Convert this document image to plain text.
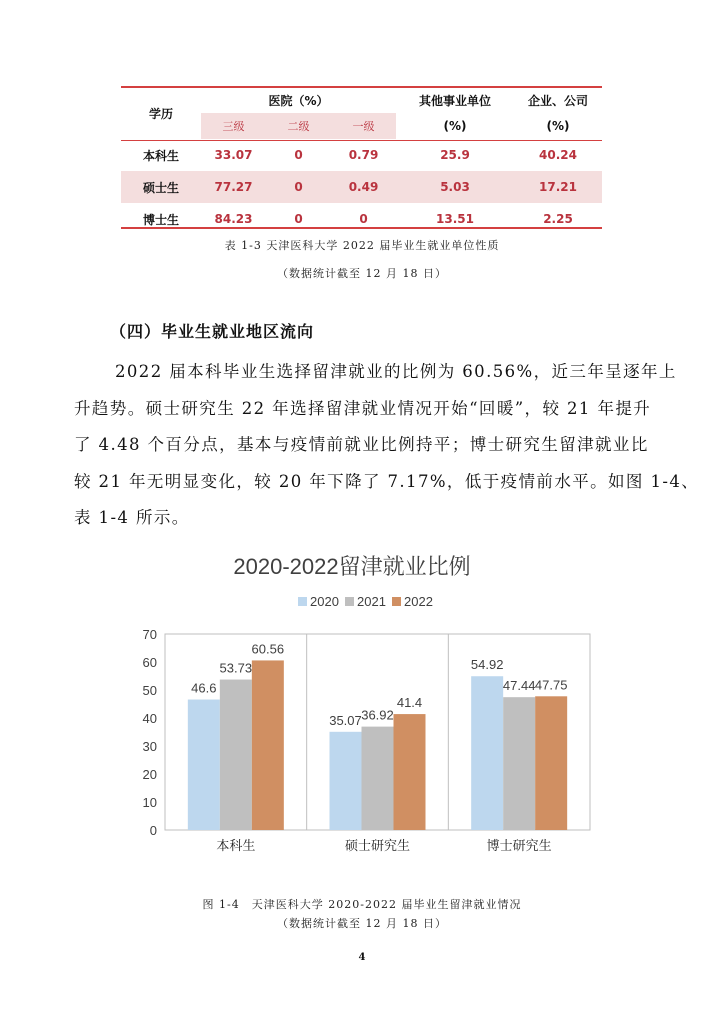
学历	医院（%）			其他事业单位	企业、公司
	三级	二级	一级	(%)	(%)
本科生	33.07	0	0.79	25.9	40.24
硕士生	77.27	0	0.49	5.03	17.21
博士生	84.23	0	0	13.51	2.25
表 1-3 天津医科大学 2022 届毕业生就业单位性质
（数据统计截至 12 月 18 日）
（四）毕业生就业地区流向

2022 届本科毕业生选择留津就业的比例为 60.56%，近三年呈逐年上

升趋势。硕士研究生 22 年选择留津就业情况开始“回暖”，较 21 年提升

了 4.48 个百分点，基本与疫情前就业比例持平；博士研究生留津就业比

较 21 年无明显变化，较 20 年下降了 7.17%，低于疫情前水平。如图 1-4、

表 1-4 所示。

2020-2022留津就业比例
2020 2021 2022
0
10
20
30
40
50
60
70
46.6
53.73
60.56
本科生
35.07 36.92
41.4
硕士研究生
54.92
47.44 47.75
博士研究生
图 1-4　天津医科大学 2020-2022 届毕业生留津就业情况
（数据统计截至 12 月 18 日）
4
